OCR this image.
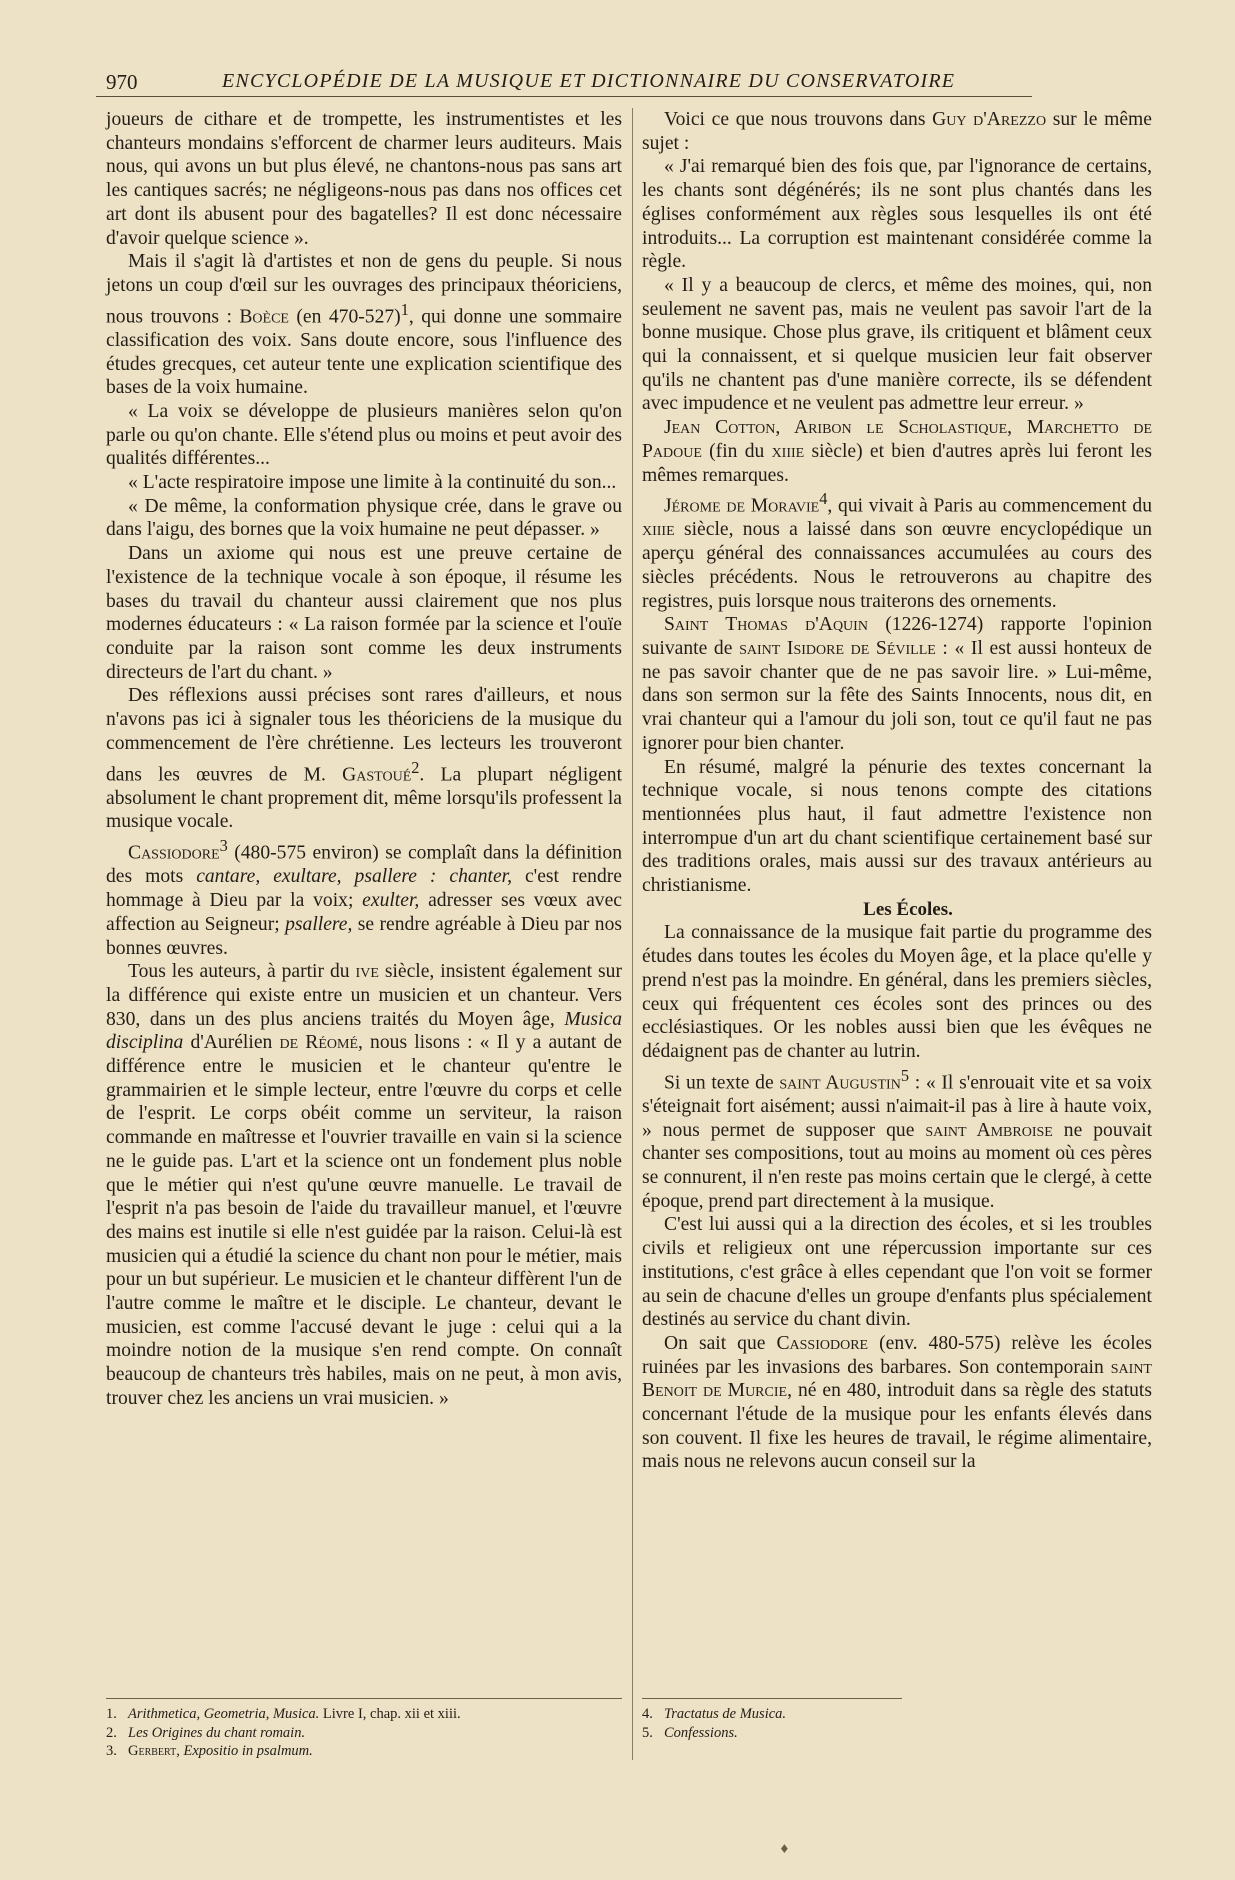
970	ENCYCLOPÉDIE DE LA MUSIQUE ET DICTIONNAIRE DU CONSERVATOIRE

joueurs de cithare et de trompette, les instrumentistes et les chanteurs mondains s'efforcent de charmer leurs auditeurs. Mais nous, qui avons un but plus élevé, ne chantons-nous pas sans art les cantiques sacrés; ne négligeons-nous pas dans nos offices cet art dont ils abusent pour des bagatelles? Il est donc nécessaire d'avoir quelque science ».

Mais il s'agit là d'artistes et non de gens du peuple. Si nous jetons un coup d'œil sur les ouvrages des principaux théoriciens, nous trouvons : Boèce (en 470-527)$^1$, qui donne une sommaire classification des voix. Sans doute encore, sous l'influence des études grecques, cet auteur tente une explication scientifique des bases de la voix humaine.

« La voix se développe de plusieurs manières selon qu'on parle ou qu'on chante. Elle s'étend plus ou moins et peut avoir des qualités différentes...

« L'acte respiratoire impose une limite à la continuité du son...

« De même, la conformation physique crée, dans le grave ou dans l'aigu, des bornes que la voix humaine ne peut dépasser. »

Dans un axiome qui nous est une preuve certaine de l'existence de la technique vocale à son époque, il résume les bases du travail du chanteur aussi clairement que nos plus modernes éducateurs : « La raison formée par la science et l'ouïe conduite par la raison sont comme les deux instruments directeurs de l'art du chant. »

Des réflexions aussi précises sont rares d'ailleurs, et nous n'avons pas ici à signaler tous les théoriciens de la musique du commencement de l'ère chrétienne. Les lecteurs les trouveront dans les œuvres de M. Gastoué$^2$. La plupart négligent absolument le chant proprement dit, même lorsqu'ils professent la musique vocale.

Cassiodore$^3$ (480-575 environ) se complaît dans la définition des mots cantare, exultare, psallere : chanter, c'est rendre hommage à Dieu par la voix; exulter, adresser ses vœux avec affection au Seigneur; psallere, se rendre agréable à Dieu par nos bonnes œuvres.

Tous les auteurs, à partir du ive siècle, insistent également sur la différence qui existe entre un musicien et un chanteur. Vers 830, dans un des plus anciens traités du Moyen âge, Musica disciplina d'Aurélien de Réomé, nous lisons : « Il y a autant de différence entre le musicien et le chanteur qu'entre le grammairien et le simple lecteur, entre l'œuvre du corps et celle de l'esprit. Le corps obéit comme un serviteur, la raison commande en maîtresse et l'ouvrier travaille en vain si la science ne le guide pas. L'art et la science ont un fondement plus noble que le métier qui n'est qu'une œuvre manuelle. Le travail de l'esprit n'a pas besoin de l'aide du travailleur manuel, et l'œuvre des mains est inutile si elle n'est guidée par la raison. Celui-là est musicien qui a étudié la science du chant non pour le métier, mais pour un but supérieur. Le musicien et le chanteur diffèrent l'un de l'autre comme le maître et le disciple. Le chanteur, devant le musicien, est comme l'accusé devant le juge : celui qui a la moindre notion de la musique s'en rend compte. On connaît beaucoup de chanteurs très habiles, mais on ne peut, à mon avis, trouver chez les anciens un vrai musicien. »

Voici ce que nous trouvons dans Guy d'Arezzo sur le même sujet :

« J'ai remarqué bien des fois que, par l'ignorance de certains, les chants sont dégénérés; ils ne sont plus chantés dans les églises conformément aux règles sous lesquelles ils ont été introduits... La corruption est maintenant considérée comme la règle.

« Il y a beaucoup de clercs, et même des moines, qui, non seulement ne savent pas, mais ne veulent pas savoir l'art de la bonne musique. Chose plus grave, ils critiquent et blâment ceux qui la connaissent, et si quelque musicien leur fait observer qu'ils ne chantent pas d'une manière correcte, ils se défendent avec impudence et ne veulent pas admettre leur erreur. »

Jean Cotton, Aribon le Scholastique, Marchetto de Padoue (fin du xiiie siècle) et bien d'autres après lui feront les mêmes remarques.

Jérome de Moravie$^4$, qui vivait à Paris au commencement du xiiie siècle, nous a laissé dans son œuvre encyclopédique un aperçu général des connaissances accumulées au cours des siècles précédents. Nous le retrouverons au chapitre des registres, puis lorsque nous traiterons des ornements.

Saint Thomas d'Aquin (1226-1274) rapporte l'opinion suivante de saint Isidore de Séville : « Il est aussi honteux de ne pas savoir chanter que de ne pas savoir lire. » Lui-même, dans son sermon sur la fête des Saints Innocents, nous dit, en vrai chanteur qui a l'amour du joli son, tout ce qu'il faut ne pas ignorer pour bien chanter.

En résumé, malgré la pénurie des textes concernant la technique vocale, si nous tenons compte des citations mentionnées plus haut, il faut admettre l'existence non interrompue d'un art du chant scientifique certainement basé sur des traditions orales, mais aussi sur des travaux antérieurs au christianisme.

Les Écoles.

La connaissance de la musique fait partie du programme des études dans toutes les écoles du Moyen âge, et la place qu'elle y prend n'est pas la moindre. En général, dans les premiers siècles, ceux qui fréquentent ces écoles sont des princes ou des ecclésiastiques. Or les nobles aussi bien que les évêques ne dédaignent pas de chanter au lutrin.

Si un texte de saint Augustin$^5$ : « Il s'enrouait vite et sa voix s'éteignait fort aisément; aussi n'aimait-il pas à lire à haute voix, » nous permet de supposer que saint Ambroise ne pouvait chanter ses compositions, tout au moins au moment où ces pères se connurent, il n'en reste pas moins certain que le clergé, à cette époque, prend part directement à la musique.

C'est lui aussi qui a la direction des écoles, et si les troubles civils et religieux ont une répercussion importante sur ces institutions, c'est grâce à elles cependant que l'on voit se former au sein de chacune d'elles un groupe d'enfants plus spécialement destinés au service du chant divin.

On sait que Cassiodore (env. 480-575) relève les écoles ruinées par les invasions des barbares. Son contemporain saint Benoit de Murcie, né en 480, introduit dans sa règle des statuts concernant l'étude de la musique pour les enfants élevés dans son couvent. Il fixe les heures de travail, le régime alimentaire, mais nous ne relevons aucun conseil sur la

1. Arithmetica, Geometria, Musica. Livre I, chap. xii et xiii.
2. Les Origines du chant romain.
3. Gerbert, Expositio in psalmum.
4. Tractatus de Musica.
5. Confessions.
♦
